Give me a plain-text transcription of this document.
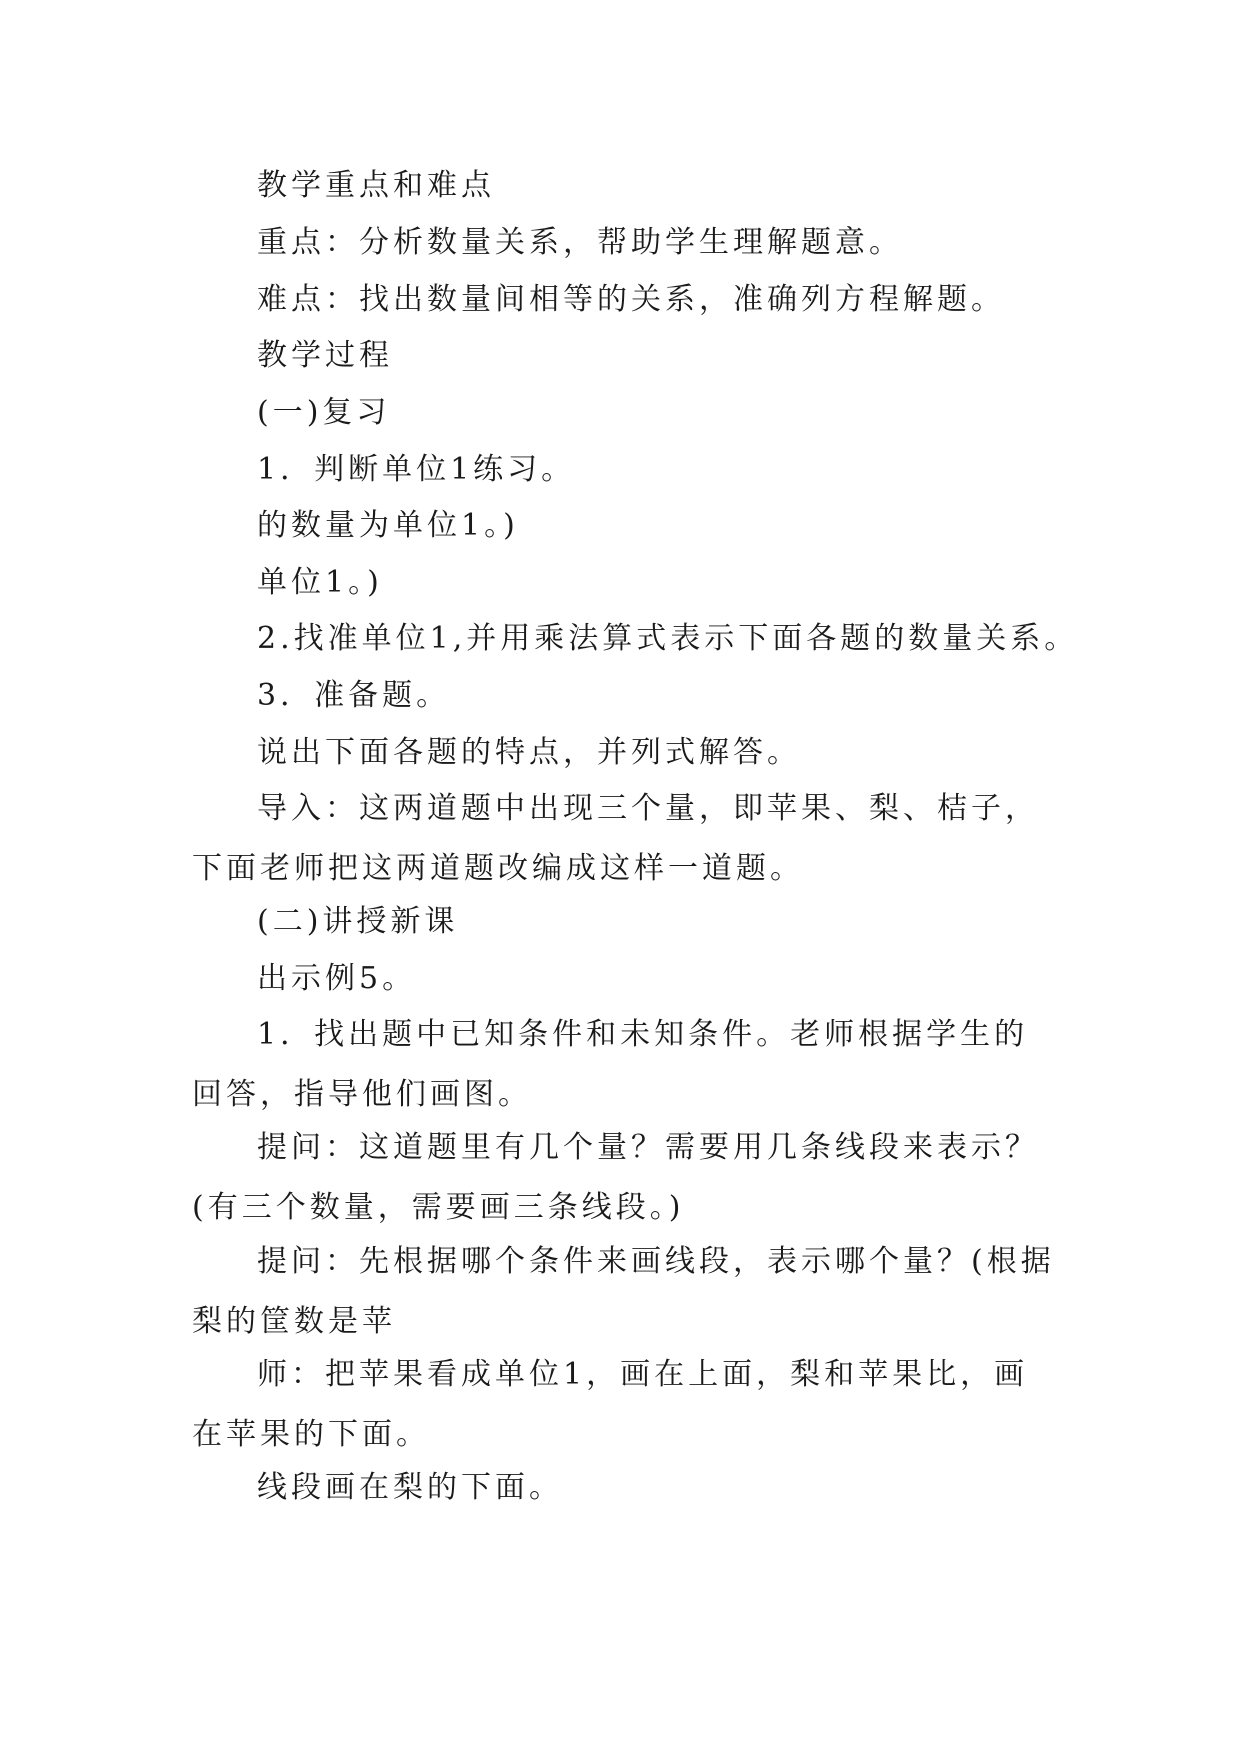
教学重点和难点

重点：分析数量关系，帮助学生理解题意。

难点：找出数量间相等的关系，准确列方程解题。

教学过程

(一)复习

1．判断单位1练习。

的数量为单位1。)

单位1。)

2.找准单位1,并用乘法算式表示下面各题的数量关系。

3．准备题。

说出下面各题的特点，并列式解答。

导入：这两道题中出现三个量，即苹果、梨、桔子，下面老师把这两道题改编成这样一道题。

(二)讲授新课

出示例5。

1．找出题中已知条件和未知条件。老师根据学生的回答，指导他们画图。

提问：这道题里有几个量？需要用几条线段来表示？(有三个数量，需要画三条线段。)

提问：先根据哪个条件来画线段，表示哪个量？(根据梨的筐数是苹

师：把苹果看成单位1，画在上面，梨和苹果比，画在苹果的下面。

线段画在梨的下面。
